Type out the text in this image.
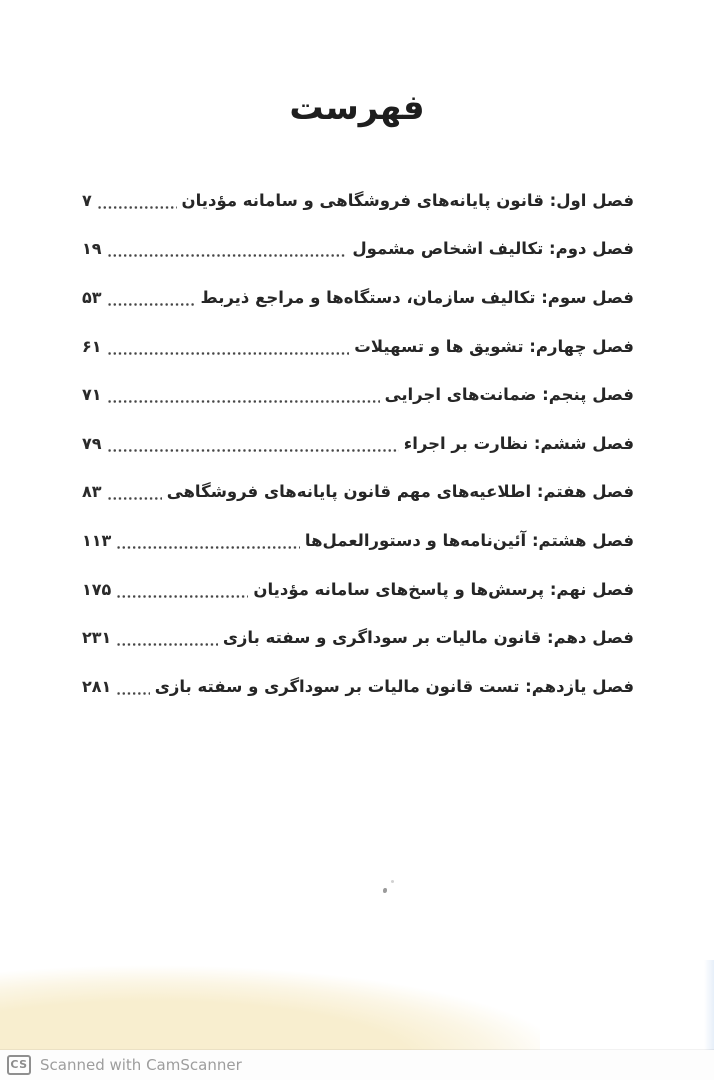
فهرست
فصل اول: قانون پایانه‌های فروشگاهی و سامانه مؤدیان
۷
فصل دوم: تکالیف اشخاص مشمول
۱۹
فصل سوم: تکالیف سازمان، دستگاه‌ها و مراجع ذیربط
۵۳
فصل چهارم: تشویق ها و تسهیلات
۶۱
فصل پنجم: ضمانت‌های اجرایی
۷۱
فصل ششم: نظارت بر اجراء
۷۹
فصل هفتم: اطلاعیه‌های مهم قانون پایانه‌های فروشگاهی
۸۳
فصل هشتم: آئین‌نامه‌ها و دستورالعمل‌ها
۱۱۳
فصل نهم: پرسش‌ها و پاسخ‌های سامانه مؤدیان
۱۷۵
فصل دهم: قانون مالیات بر سوداگری و سفته بازی
۲۳۱
فصل یازدهم: تست قانون مالیات بر سوداگری و سفته بازی
۲۸۱
CS Scanned with CamScanner
